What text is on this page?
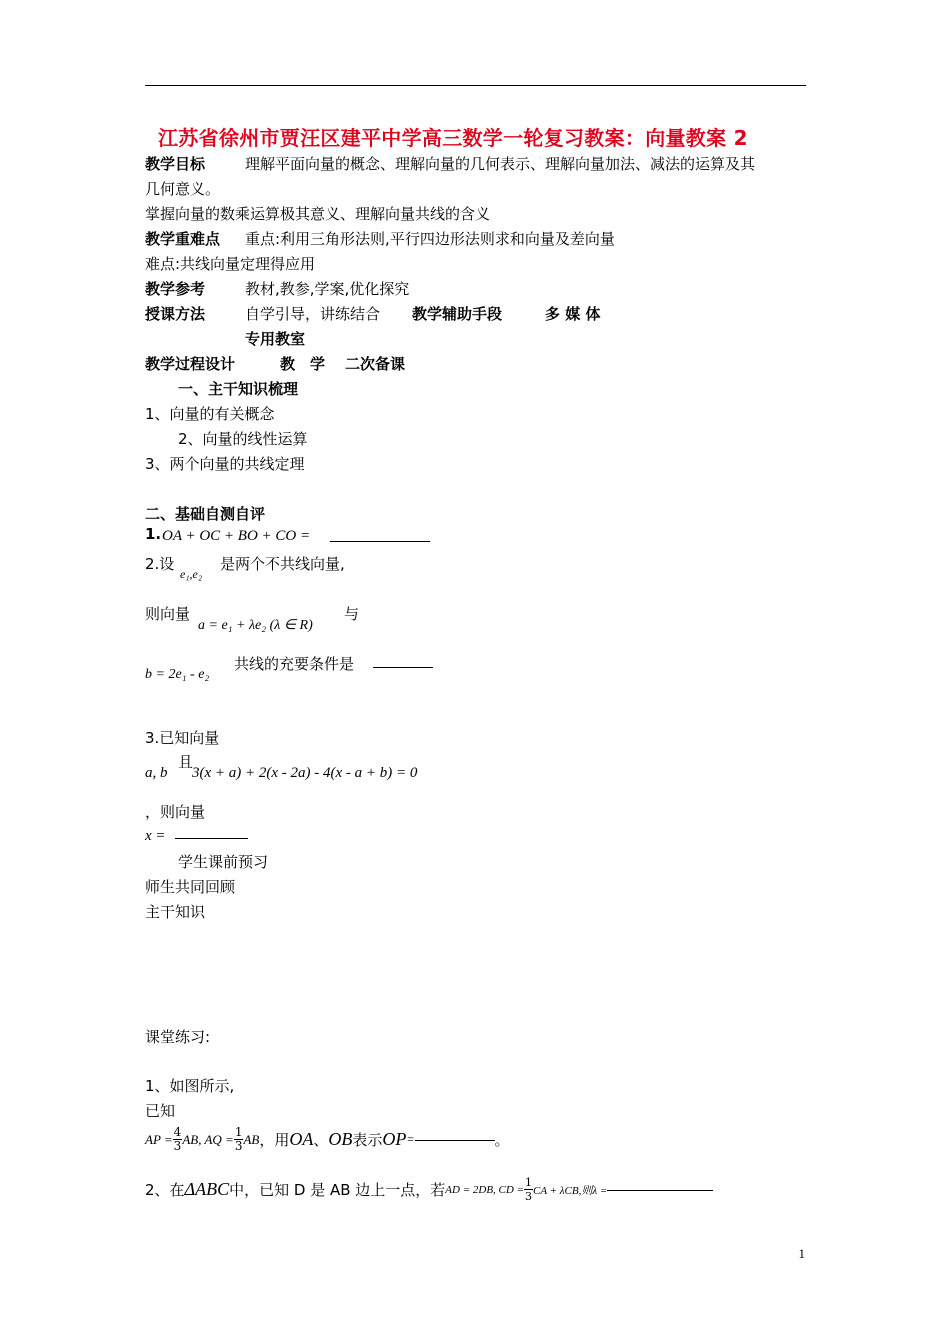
江苏省徐州市贾汪区建平中学高三数学一轮复习教案：向量教案 2
教学目标	理解平面向量的概念、理解向量的几何表示、理解向量加法、减法的运算及其
几何意义。
掌握向量的数乘运算极其意义、理解向量共线的含义
教学重难点 重点:利用三角形法则,平行四边形法则求和向量及差向量
难点:共线向量定理得应用
教学参考	教材,教参,学案,优化探究
授课方法	自学引导，讲练结合 教学辅助手段	多 媒 体
专用教室
教学过程设计	教　学 二次备课
一、主干知识梳理
1、向量的有关概念
2、向量的线性运算
3、两个向量的共线定理
二、基础自测自评
1. OA + OC + BO + CO =
2.设
e₁,e₂
是两个不共线向量,
则向量
a = e₁ + λe₂ (λ ∈ R)
与
b = 2e₁ - e₂
共线的充要条件是
3.已知向量
且
a, b 3(x + a) + 2(x - 2a) - 4(x - a + b) = 0
，则向量
x =
学生课前预习
师生共同回顾
主干知识
课堂练习:
1、如图所示,
已知
AP = $\frac{4}{3}$ AB, AQ = $\frac{1}{3}$ AB ，用 OA 、 OB 表示 OP =	。
2、在 ΔABC 中，已知 D 是 AB 边上一点，若 AD = 2DB, CD = $\frac{1}{3}$ CA + λCB,则λ =
1
